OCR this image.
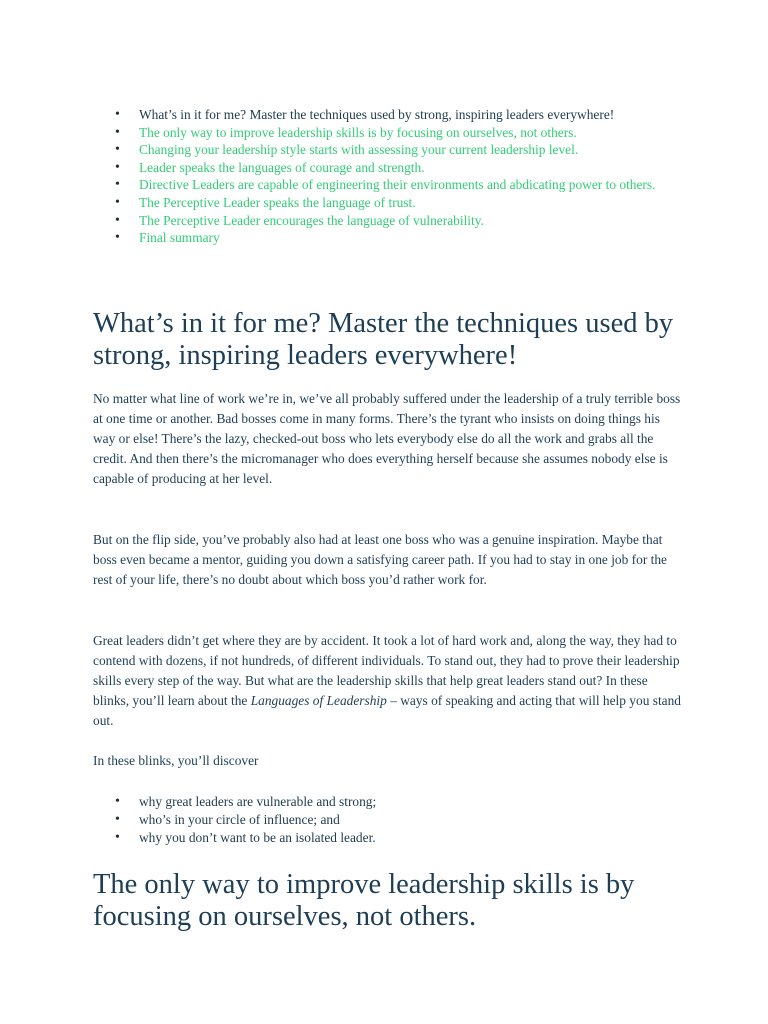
• What’s in it for me? Master the techniques used by strong, inspiring leaders everywhere!
• The only way to improve leadership skills is by focusing on ourselves, not others.
• Changing your leadership style starts with assessing your current leadership level.
• Leader speaks the languages of courage and strength.
• Directive Leaders are capable of engineering their environments and abdicating power to others.
• The Perceptive Leader speaks the language of trust.
• The Perceptive Leader encourages the language of vulnerability.
• Final summary
What’s in it for me? Master the techniques used by strong, inspiring leaders everywhere!

No matter what line of work we’re in, we’ve all probably suffered under the leadership of a truly terrible boss at one time or another. Bad bosses come in many forms. There’s the tyrant who insists on doing things his way or else! There’s the lazy, checked-out boss who lets everybody else do all the work and grabs all the credit. And then there’s the micromanager who does everything herself because she assumes nobody else is capable of producing at her level.

But on the flip side, you’ve probably also had at least one boss who was a genuine inspiration. Maybe that boss even became a mentor, guiding you down a satisfying career path. If you had to stay in one job for the rest of your life, there’s no doubt about which boss you’d rather work for.

Great leaders didn’t get where they are by accident. It took a lot of hard work and, along the way, they had to contend with dozens, if not hundreds, of different individuals. To stand out, they had to prove their leadership skills every step of the way. But what are the leadership skills that help great leaders stand out? In these blinks, you’ll learn about the Languages of Leadership – ways of speaking and acting that will help you stand out.

In these blinks, you’ll discover

• why great leaders are vulnerable and strong;
• who’s in your circle of influence; and
• why you don’t want to be an isolated leader.
The only way to improve leadership skills is by focusing on ourselves, not others.
